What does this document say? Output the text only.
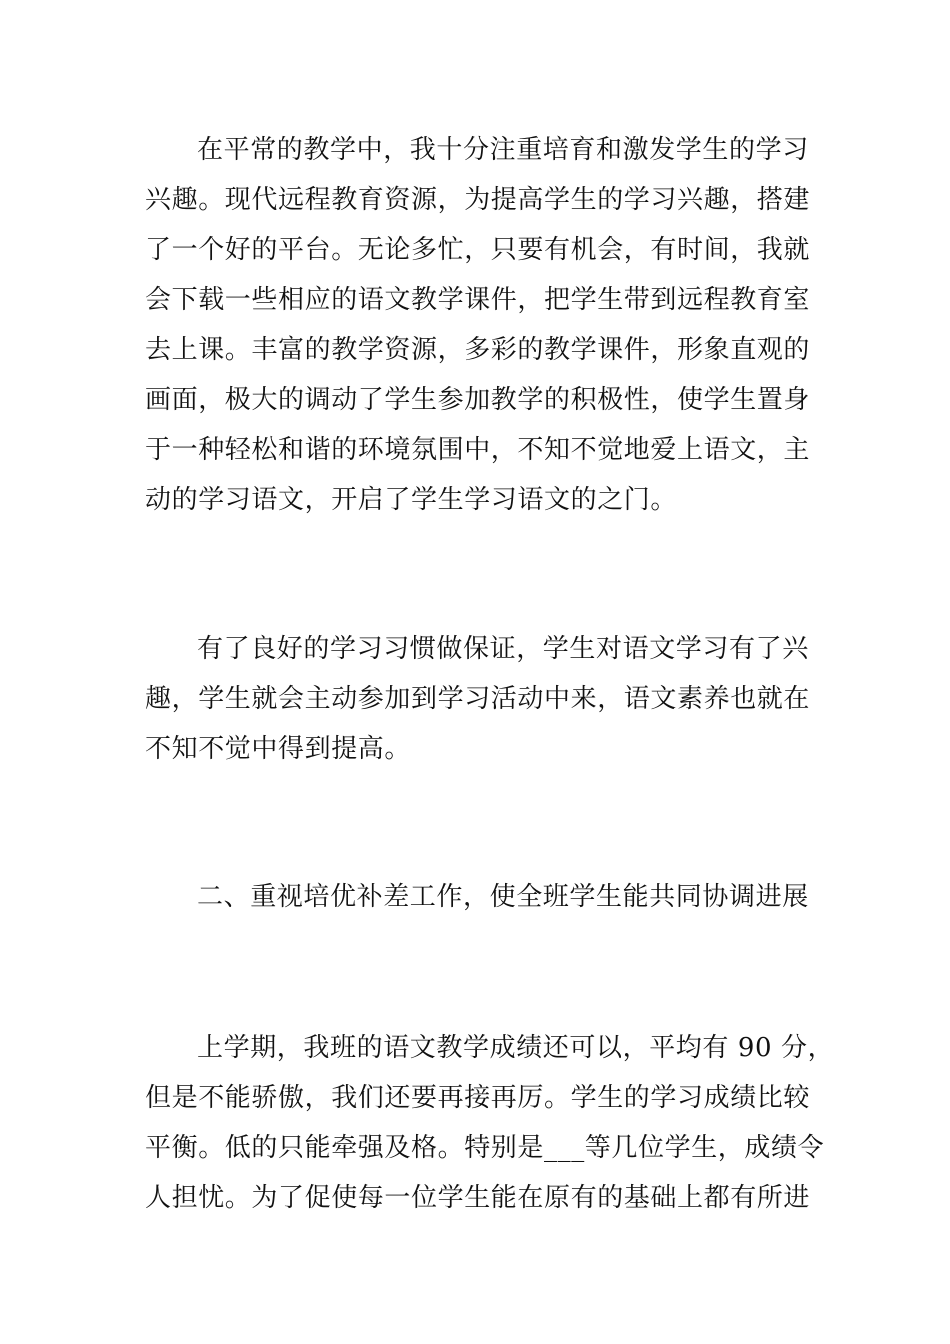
在平常的教学中，我十分注重培育和激发学生的学习
兴趣。现代远程教育资源，为提高学生的学习兴趣，搭建
了一个好的平台。无论多忙，只要有机会，有时间，我就
会下载一些相应的语文教学课件，把学生带到远程教育室
去上课。丰富的教学资源，多彩的教学课件，形象直观的
画面，极大的调动了学生参加教学的积极性，使学生置身
于一种轻松和谐的环境氛围中，不知不觉地爱上语文，主
动的学习语文，开启了学生学习语文的之门。
有了良好的学习习惯做保证，学生对语文学习有了兴
趣，学生就会主动参加到学习活动中来，语文素养也就在
不知不觉中得到提高。
二、重视培优补差工作，使全班学生能共同协调进展
上学期，我班的语文教学成绩还可以，平均有 90 分，
但是不能骄傲，我们还要再接再厉。学生的学习成绩比较
平衡。低的只能牵强及格。特别是___等几位学生，成绩令
人担忧。为了促使每一位学生能在原有的基础上都有所进
